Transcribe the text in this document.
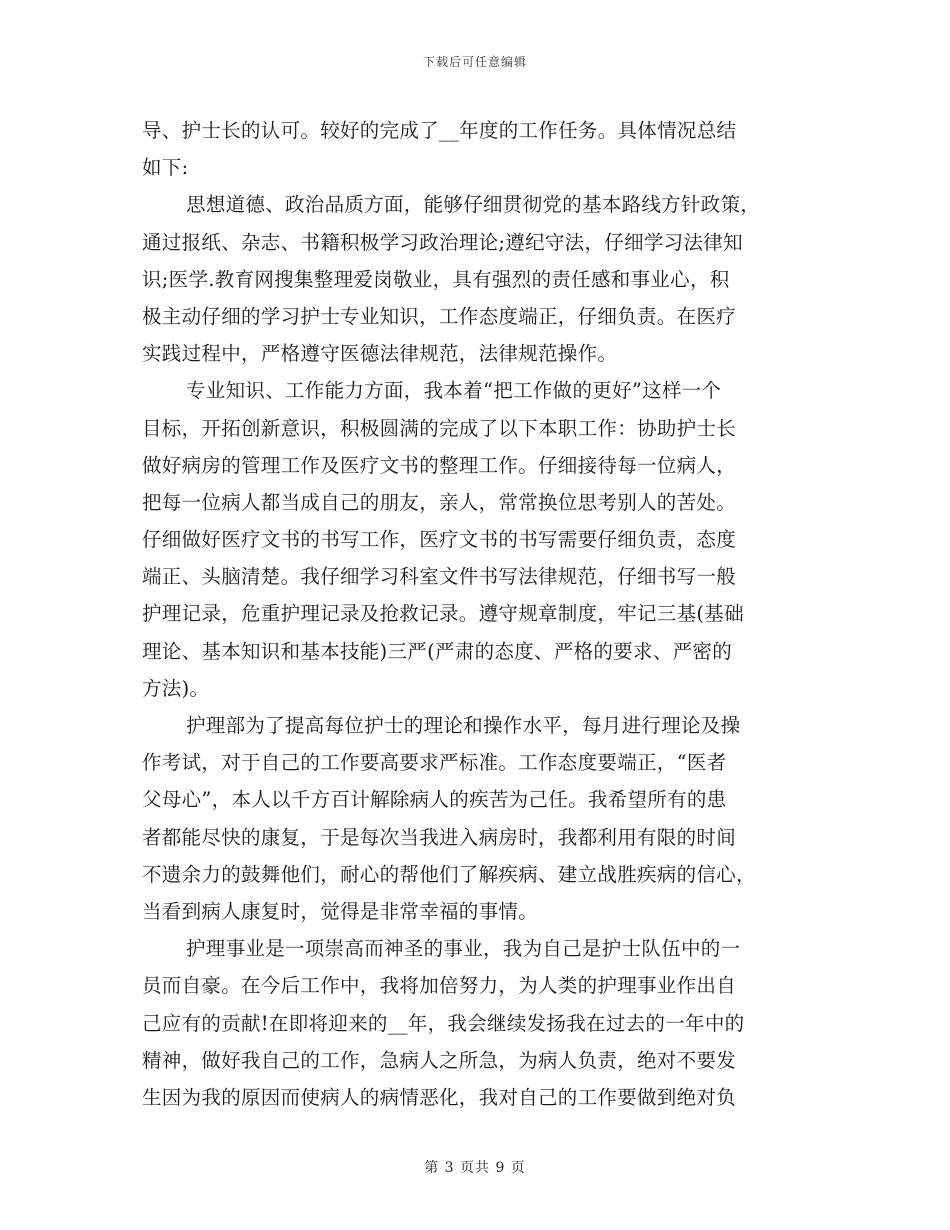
下载后可任意编辑
导、护士长的认可。较好的完成了__年度的工作任务。具体情况总结
如下:
思想道德、政治品质方面，能够仔细贯彻党的基本路线方针政策，
通过报纸、杂志、书籍积极学习政治理论;遵纪守法，仔细学习法律知
识;医学.教育网搜集整理爱岗敬业，具有强烈的责任感和事业心，积
极主动仔细的学习护士专业知识，工作态度端正，仔细负责。在医疗
实践过程中，严格遵守医德法律规范，法律规范操作。
专业知识、工作能力方面，我本着“把工作做的更好”这样一个
目标，开拓创新意识，积极圆满的完成了以下本职工作：协助护士长
做好病房的管理工作及医疗文书的整理工作。仔细接待每一位病人，
把每一位病人都当成自己的朋友，亲人，常常换位思考别人的苦处。
仔细做好医疗文书的书写工作，医疗文书的书写需要仔细负责，态度
端正、头脑清楚。我仔细学习科室文件书写法律规范，仔细书写一般
护理记录，危重护理记录及抢救记录。遵守规章制度，牢记三基(基础
理论、基本知识和基本技能)三严(严肃的态度、严格的要求、严密的
方法)。
护理部为了提高每位护士的理论和操作水平，每月进行理论及操
作考试，对于自己的工作要高要求严标准。工作态度要端正，“医者
父母心”，本人以千方百计解除病人的疾苦为己任。我希望所有的患
者都能尽快的康复，于是每次当我进入病房时，我都利用有限的时间
不遗余力的鼓舞他们，耐心的帮他们了解疾病、建立战胜疾病的信心，
当看到病人康复时，觉得是非常幸福的事情。
护理事业是一项崇高而神圣的事业，我为自己是护士队伍中的一
员而自豪。在今后工作中，我将加倍努力，为人类的护理事业作出自
己应有的贡献!在即将迎来的__年，我会继续发扬我在过去的一年中的
精神，做好我自己的工作，急病人之所急，为病人负责，绝对不要发
生因为我的原因而使病人的病情恶化，我对自己的工作要做到绝对负
第 3 页共 9 页
